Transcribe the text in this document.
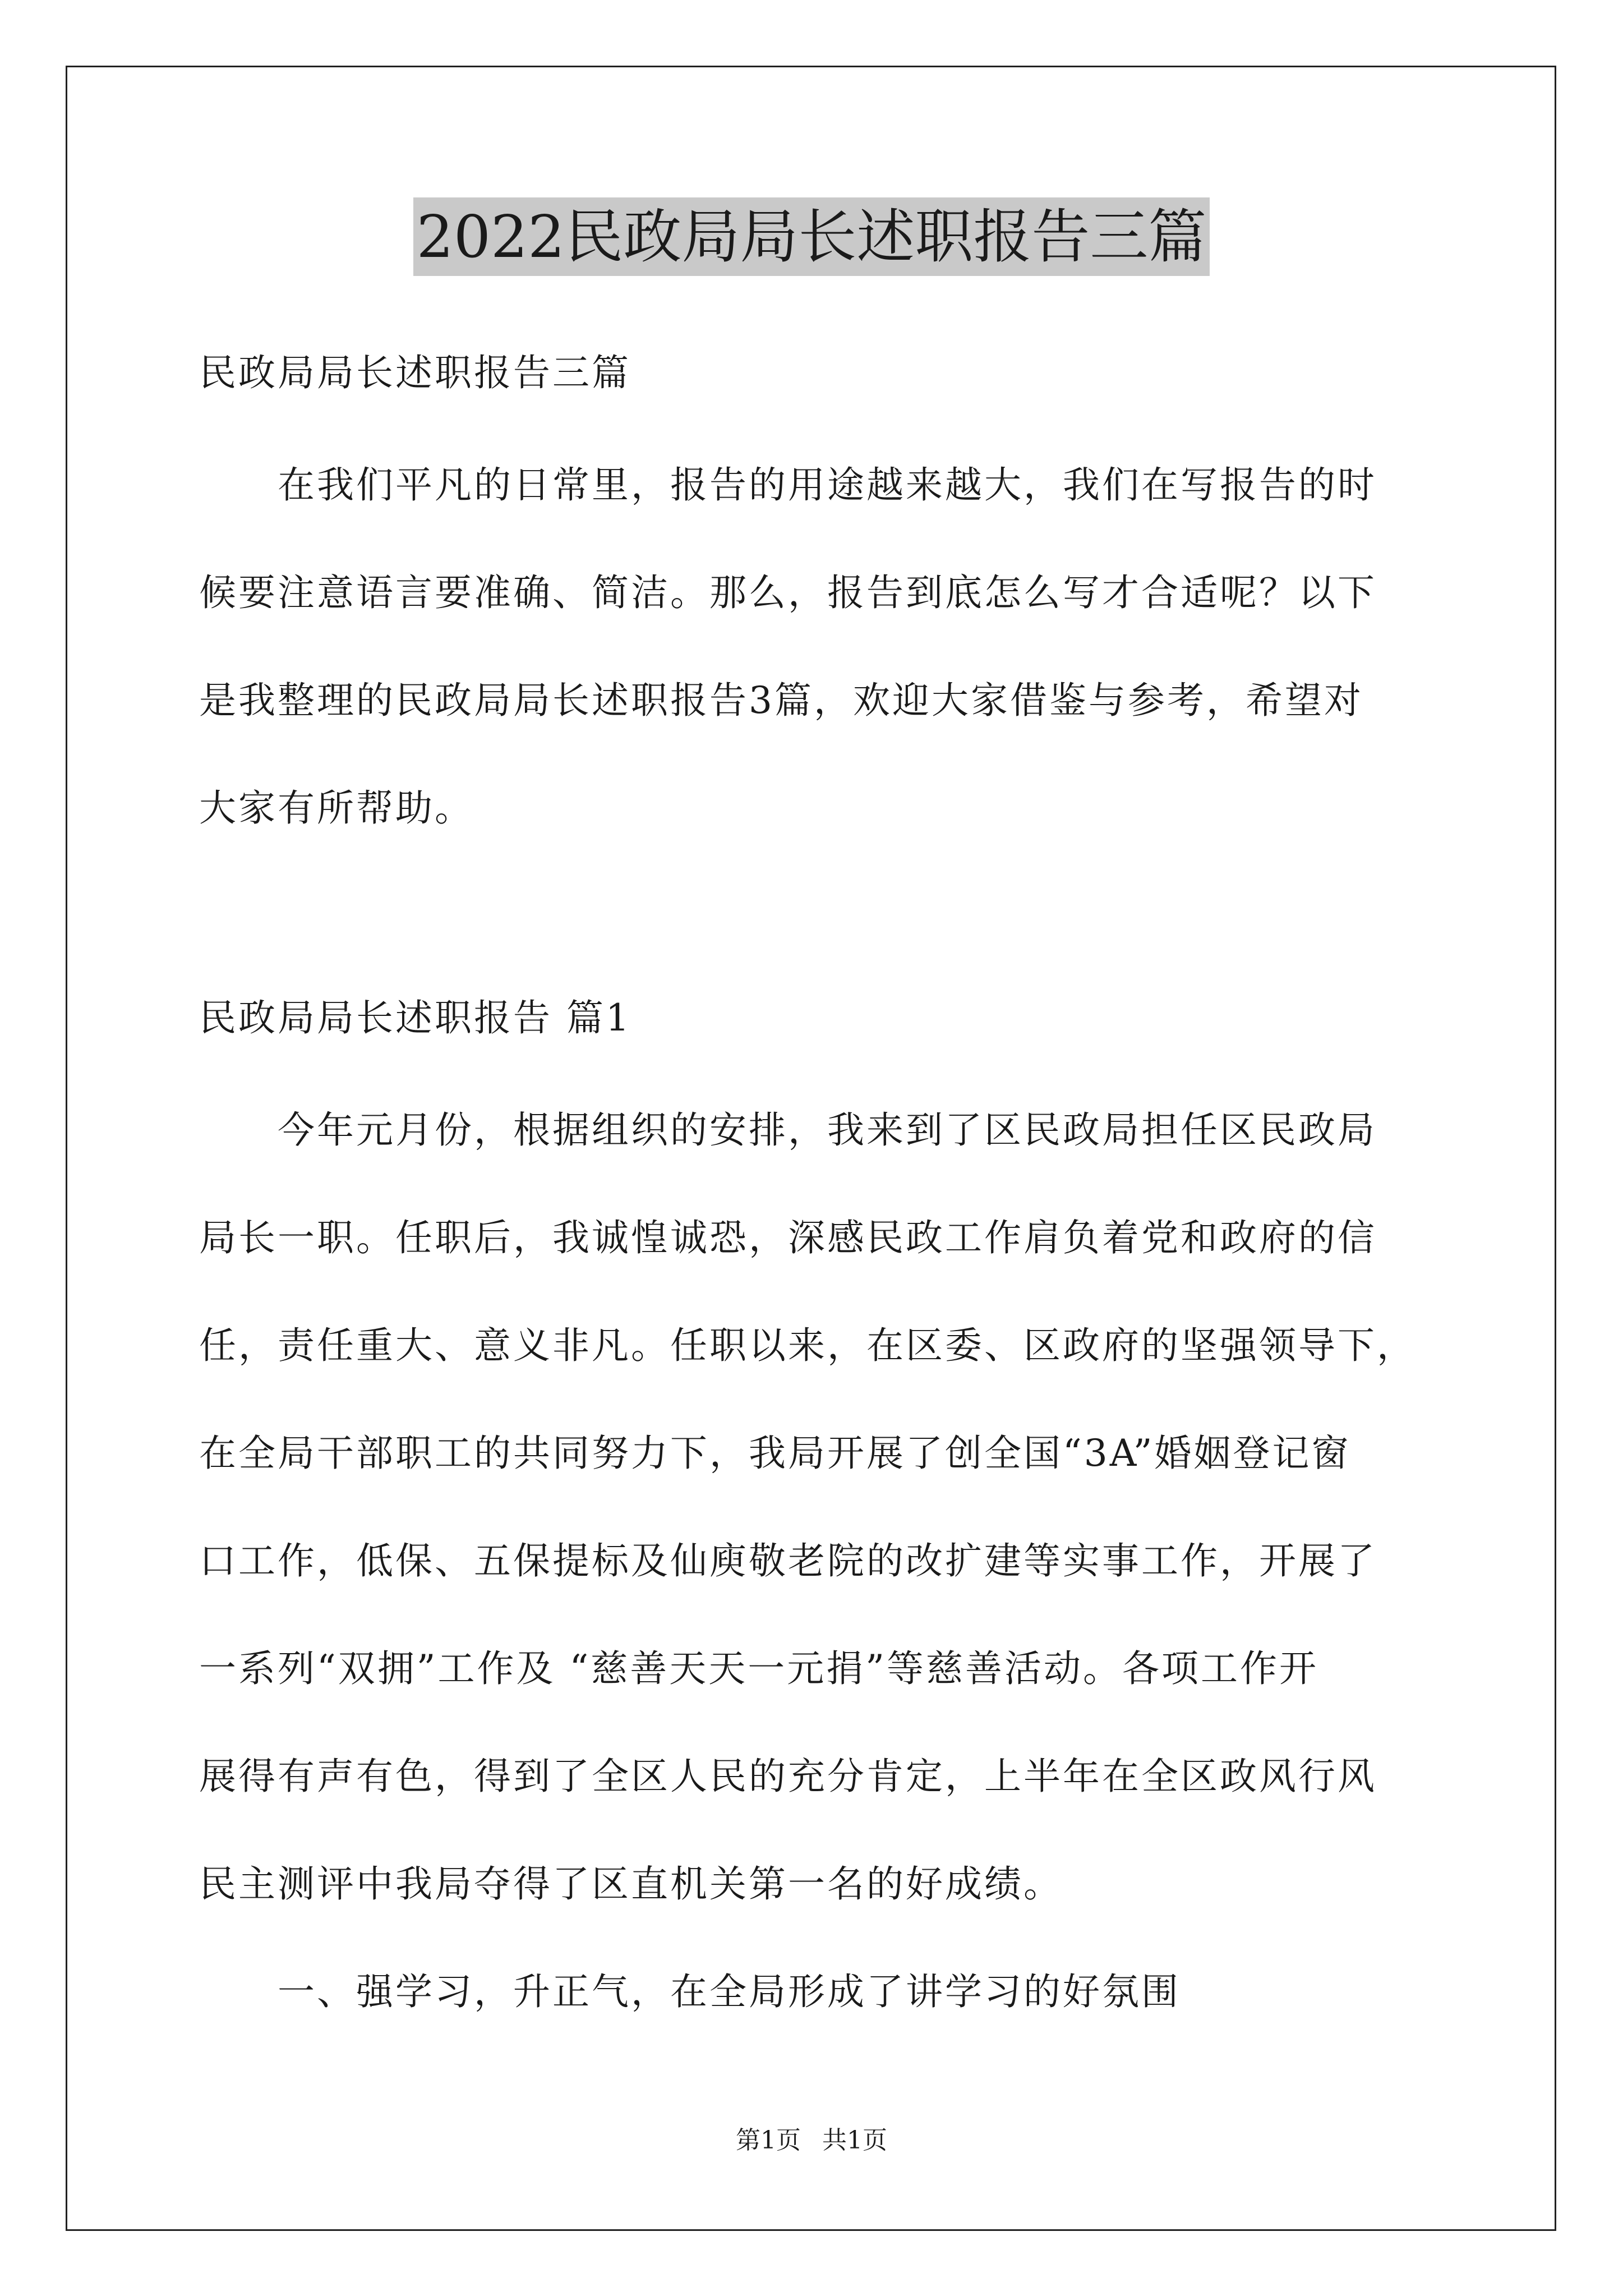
2022民政局局长述职报告三篇
民政局局长述职报告三篇
　　在我们平凡的日常里，报告的用途越来越大，我们在写报告的时
候要注意语言要准确、简洁。那么，报告到底怎么写才合适呢？以下
是我整理的民政局局长述职报告3篇，欢迎大家借鉴与参考，希望对
大家有所帮助。
民政局局长述职报告 篇1
　　今年元月份，根据组织的安排，我来到了区民政局担任区民政局
局长一职。任职后，我诚惶诚恐，深感民政工作肩负着党和政府的信
任，责任重大、意义非凡。任职以来，在区委、区政府的坚强领导下，
在全局干部职工的共同努力下，我局开展了创全国“3A”婚姻登记窗
口工作，低保、五保提标及仙庾敬老院的改扩建等实事工作，开展了
一系列“双拥”工作及 “慈善天天一元捐”等慈善活动。各项工作开
展得有声有色，得到了全区人民的充分肯定，上半年在全区政风行风
民主测评中我局夺得了区直机关第一名的好成绩。
　　一、强学习，升正气，在全局形成了讲学习的好氛围
第1页 共1页
